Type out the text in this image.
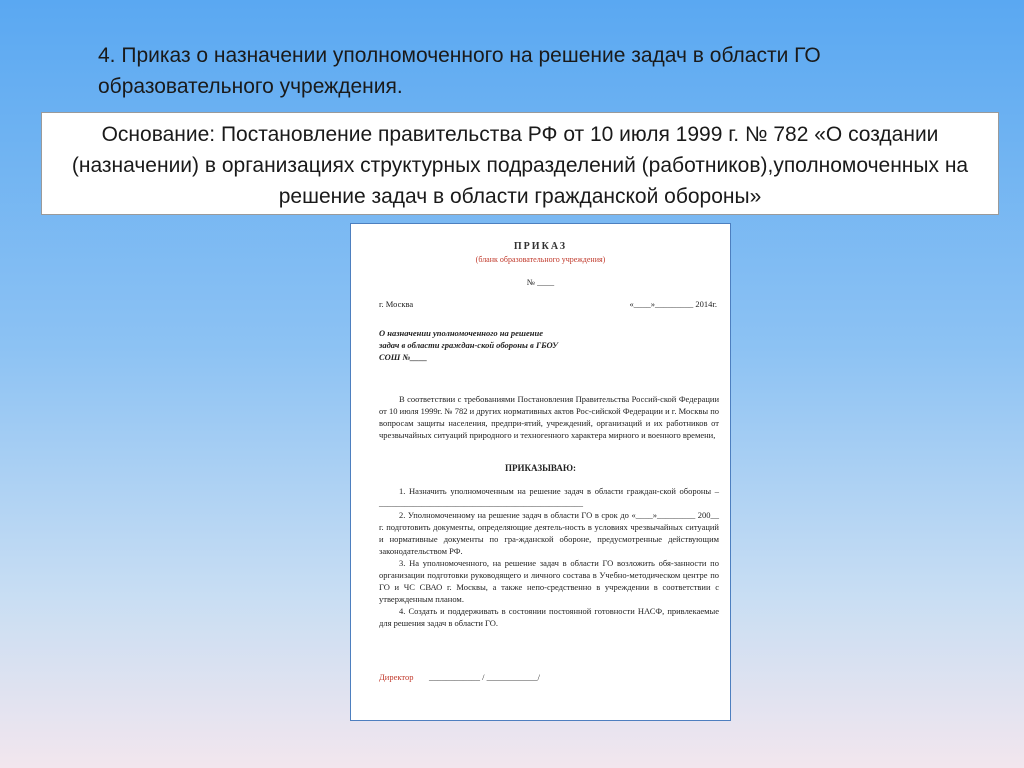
4. Приказ о назначении уполномоченного на решение задач в области ГО образовательного учреждения.
Основание: Постановление правительства РФ от 10 июля 1999 г. № 782 «О создании (назначении) в организациях структурных подразделений (работников),уполномоченных на решение задач в области гражданской обороны»
ПРИКАЗ
(бланк образовательного учреждения)
№ ____
г. Москва	«____»_________ 2014г.
О назначении уполномоченного на решение задач в области граждан-ской обороны в ГБОУ СОШ №____
В соответствии с требованиями Постановления Правительства Россий-ской Федерации от 10 июля 1999г. № 782 и других нормативных актов Рос-сийской Федерации и г. Москвы по вопросам защиты населения, предпри-ятий, учреждений, организаций и их работников от чрезвычайных ситуаций природного и техногенного характера мирного и военного времени,
ПРИКАЗЫВАЮ:

1. Назначить уполномоченным на решение задач в области граждан-ской обороны – ________________________________________________

2. Уполномоченному на решение задач в области ГО в срок до «____»_________ 200__ г. подготовить документы, определяющие деятель-ность в условиях чрезвычайных ситуаций и нормативные документы по гра-жданской обороне, предусмотренные действующим законодательством РФ.

3. На уполномоченного, на решение задач в области ГО возложить обя-занности по организации подготовки руководящего и личного состава в Учебно-методическом центре по ГО и ЧС СВАО г. Москвы, а также непо-средственно в учреждении в соответствии с утвержденным планом.

4. Создать и поддерживать в состоянии постоянной готовности НАСФ, привлекаемые для решения задач в области ГО.

Директор ____________ / ____________/
